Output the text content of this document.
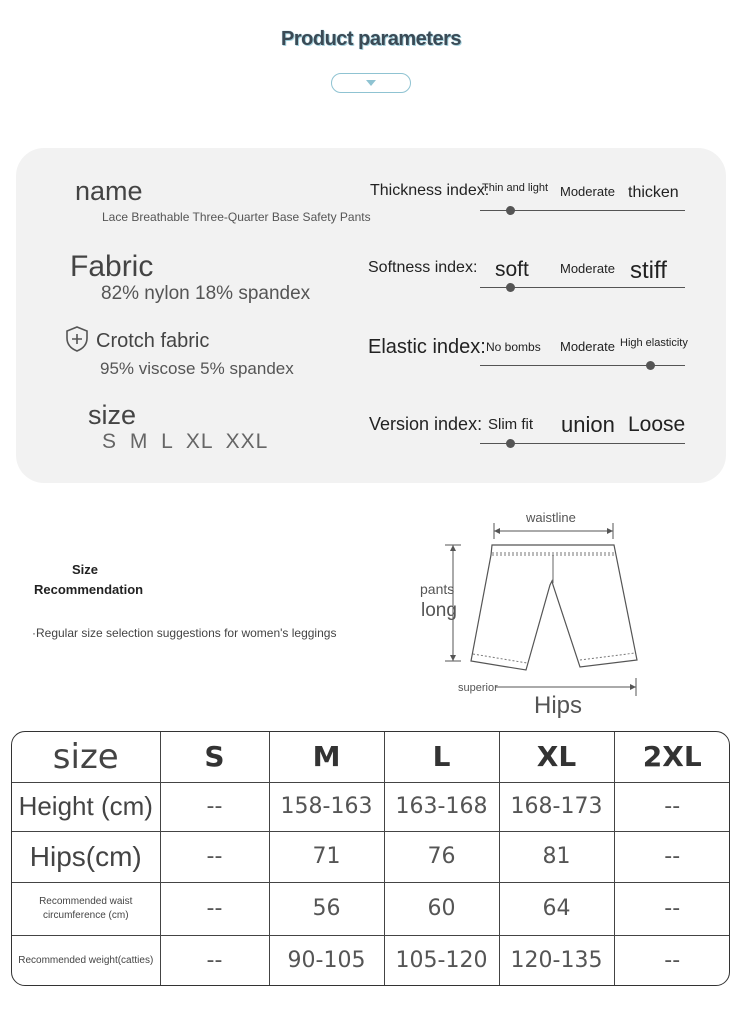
Product parameters
name
Lace Breathable Three-Quarter Base Safety Pants
Fabric
82% nylon 18% spandex
Crotch fabric
95% viscose 5% spandex
size
S M L XL XXL
Thickness index:
Thin and light Moderate thicken
Softness index: soft Moderate stiff
Elastic index: No bombs Moderate High elasticity
Version index: Slim fit union Loose
Size
Recommendation
·Regular size selection suggestions for women's leggings
waistline
pants
long
superior
Hips
size	S	M	L	XL	2XL
Height (cm)	--	158-163	163-168	168-173	--
Hips(cm)	--	71	76	81	--
Recommended waist circumference (cm)	--	56	60	64	--
Recommended weight(catties)	--	90-105	105-120	120-135	--
